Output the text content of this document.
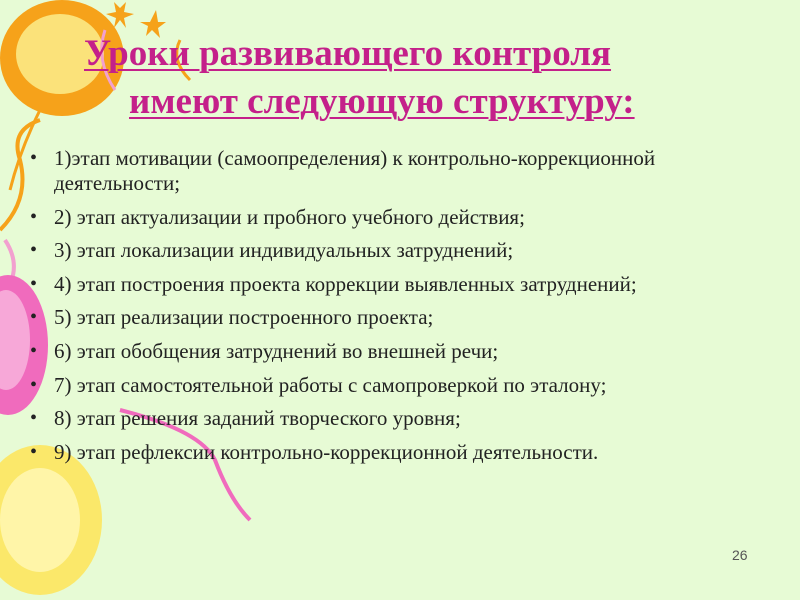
Уроки развивающего контроля
имеют следующую структуру:
• 1)этап мотивации (самоопределения) к контрольно-коррекционной деятельности;
• 2) этап актуализации и пробного учебного действия;
• 3) этап локализации индивидуальных затруднений;
• 4) этап построения проекта коррекции выявленных затруднений;
• 5) этап реализации построенного проекта;
• 6) этап обобщения затруднений во внешней речи;
• 7) этап самостоятельной работы с самопроверкой по эталону;
• 8) этап решения заданий творческого уровня;
• 9) этап рефлексии контрольно-коррекционной деятельности.
26
